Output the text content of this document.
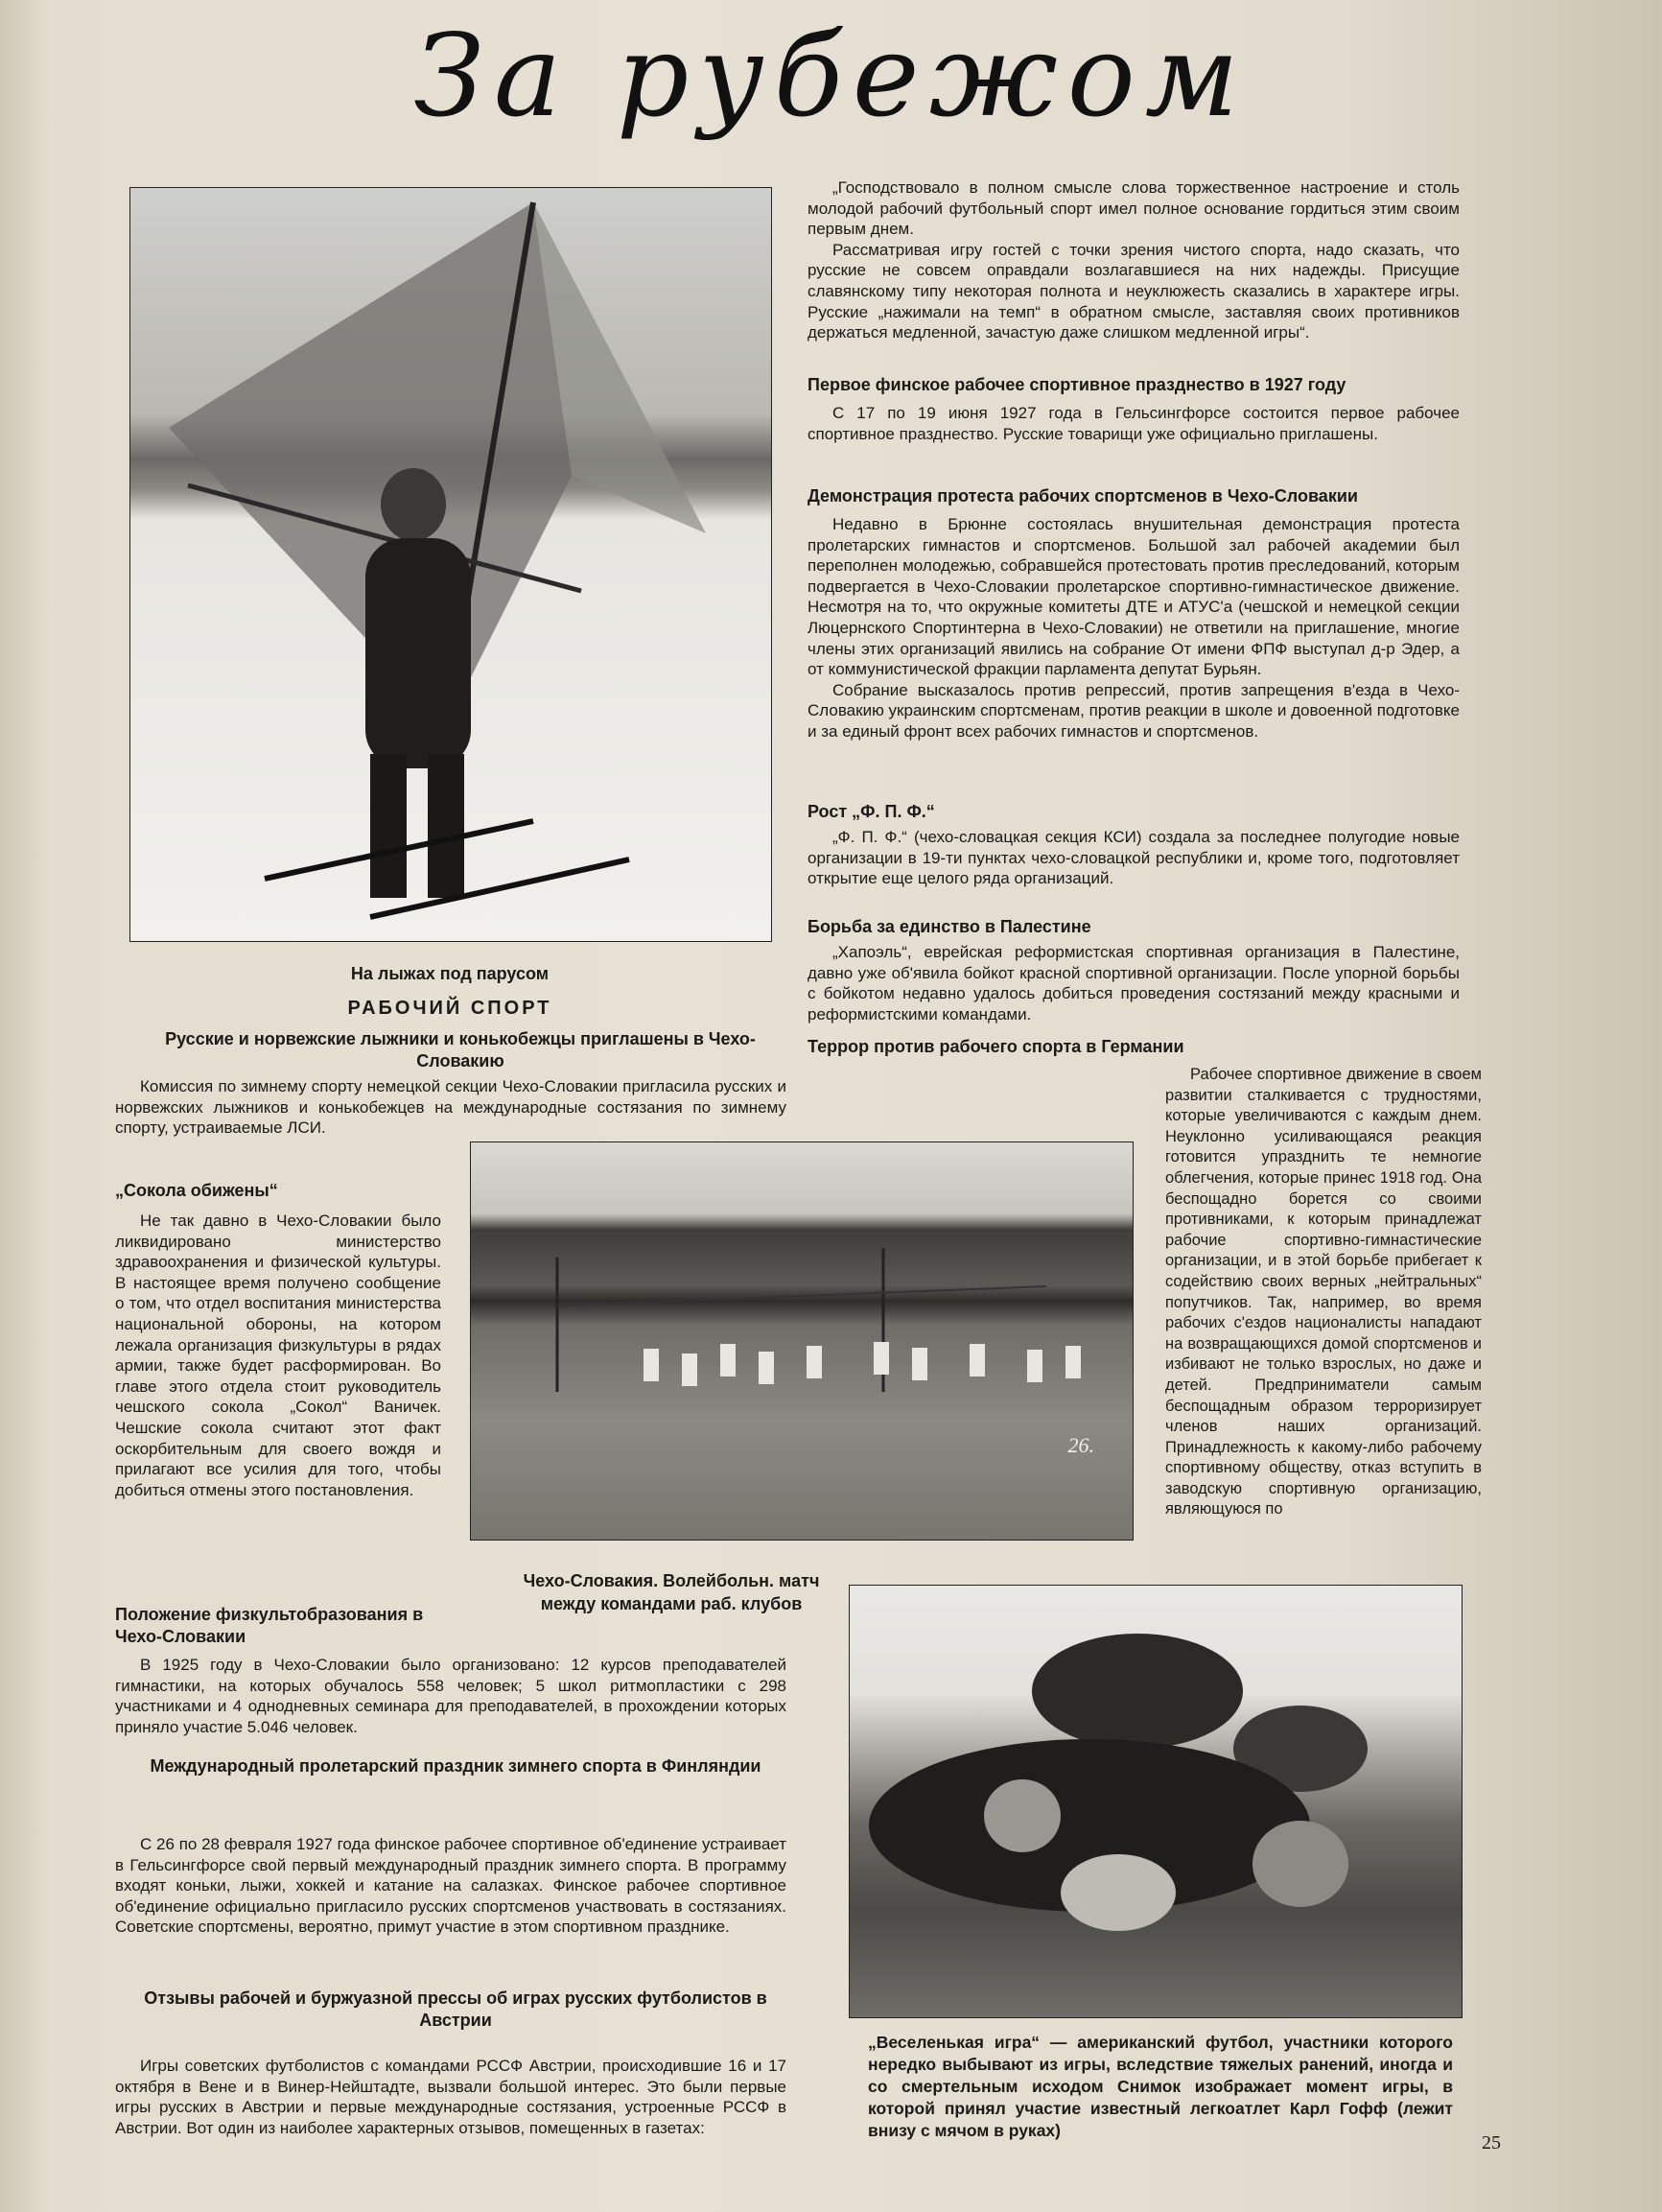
За рубежом
На лыжах под парусом
РАБОЧИЙ СПОРТ
Русские и норвежские лыжники и конькобежцы приглашены в Чехо-Словакию

Комиссия по зимнему спорту немецкой секции Чехо-Словакии пригласила русских и норвежских лыжников и конькобежцев на международные состязания по зимнему спорту, устраиваемые ЛСИ.

„Сокола обижены“

Не так давно в Чехо-Словакии было ликвидировано министерство здравоохранения и физической культуры. В настоящее время получено сообщение о том, что отдел воспитания министерства национальной обороны, на котором лежала организация физкультуры в рядах армии, также будет расформирован. Во главе этого отдела стоит руководитель чешского сокола „Сокол“ Ваничек. Чешские сокола считают этот факт оскорбительным для своего вождя и прилагают все усилия для того, чтобы добиться отмены этого постановления.

26.
Чехо-Словакия. Волейбольн. матч
между командами раб. клубов
Положение физкультобразования в Чехо-Словакии

В 1925 году в Чехо-Словакии было организовано: 12 курсов преподавателей гимнастики, на которых обучалось 558 человек; 5 школ ритмопластики с 298 участниками и 4 однодневных семинара для преподавателей, в прохождении которых приняло участие 5.046 человек.

Международный пролетарский праздник зимнего спорта в Финляндии

С 26 по 28 февраля 1927 года финское рабочее спортивное об'единение устраивает в Гельсингфорсе свой первый международный праздник зимнего спорта. В программу входят коньки, лыжи, хоккей и катание на салазках. Финское рабочее спортивное об'единение официально пригласило русских спортсменов участвовать в состязаниях. Советские спортсмены, вероятно, примут участие в этом спортивном празднике.

Отзывы рабочей и буржуазной прессы об играх русских футболистов в Австрии

Игры советских футболистов с командами РССФ Австрии, происходившие 16 и 17 октября в Вене и в Винер-Нейштадте, вызвали большой интерес. Это были первые игры русских в Австрии и первые международные состязания, устроенные РССФ в Австрии. Вот один из наиболее характерных отзывов, помещенных в газетах:

„Господствовало в полном смысле слова торжественное настроение и столь молодой рабочий футбольный спорт имел полное основание гордиться этим своим первым днем.

Рассматривая игру гостей с точки зрения чистого спорта, надо сказать, что русские не совсем оправдали возлагавшиеся на них надежды. Присущие славянскому типу некоторая полнота и неуклюжесть сказались в характере игры. Русские „нажимали на темп“ в обратном смысле, заставляя своих противников держаться медленной, зачастую даже слишком медленной игры“.

Первое финское рабочее спортивное празднество в 1927 году

С 17 по 19 июня 1927 года в Гельсингфорсе состоится первое рабочее спортивное празднество. Русские товарищи уже официально приглашены.

Демонстрация протеста рабочих спортсменов в Чехо-Словакии

Недавно в Брюнне состоялась внушительная демонстрация протеста пролетарских гимнастов и спортсменов. Большой зал рабочей академии был переполнен молодежью, собравшейся протестовать против преследований, которым подвергается в Чехо-Словакии пролетарское спортивно-гимнастическое движение. Несмотря на то, что окружные комитеты ДТЕ и АТУС'а (чешской и немецкой секции Люцернского Спортинтерна в Чехо-Словакии) не ответили на приглашение, многие члены этих организаций явились на собрание От имени ФПФ выступал д-р Эдер, а от коммунистической фракции парламента депутат Бурьян.

Собрание высказалось против репрессий, против запрещения в'езда в Чехо-Словакию украинским спортсменам, против реакции в школе и довоенной подготовке и за единый фронт всех рабочих гимнастов и спортсменов.

Рост „Ф. П. Ф.“

„Ф. П. Ф.“ (чехо-словацкая секция КСИ) создала за последнее полугодие новые организации в 19-ти пунктах чехо-словацкой республики и, кроме того, подготовляет открытие еще целого ряда организаций.

Борьба за единство в Палестине

„Хапоэль“, еврейская реформистская спортивная организация в Палестине, давно уже об'явила бойкот красной спортивной организации. После упорной борьбы с бойкотом недавно удалось добиться проведения состязаний между красными и реформистскими командами.

Террор против рабочего спорта в Германии

Рабочее спортивное движение в своем развитии сталкивается с трудностями, которые увеличиваются с каждым днем. Неуклонно усиливающаяся реакция готовится упразднить те немногие облегчения, которые принес 1918 год. Она беспощадно борется со своими противниками, к которым принадлежат рабочие спортивно-гимнастические организации, и в этой борьбе прибегает к содействию своих верных „нейтральных“ попутчиков. Так, например, во время рабочих с'ездов националисты нападают на возвращающихся домой спортсменов и избивают не только взрослых, но даже и детей. Предприниматели самым беспощадным образом терроризирует членов наших организаций. Принадлежность к какому-либо рабочему спортивному обществу, отказ вступить в заводскую спортивную организацию, являющуюся по

„Веселенькая игра“ — американский футбол, участники которого нередко выбывают из игры, вследствие тяжелых ранений, иногда и со смертельным исходом Снимок изображает момент игры, в которой принял участие известный легкоатлет Карл Гофф (лежит внизу с мячом в руках)
25
